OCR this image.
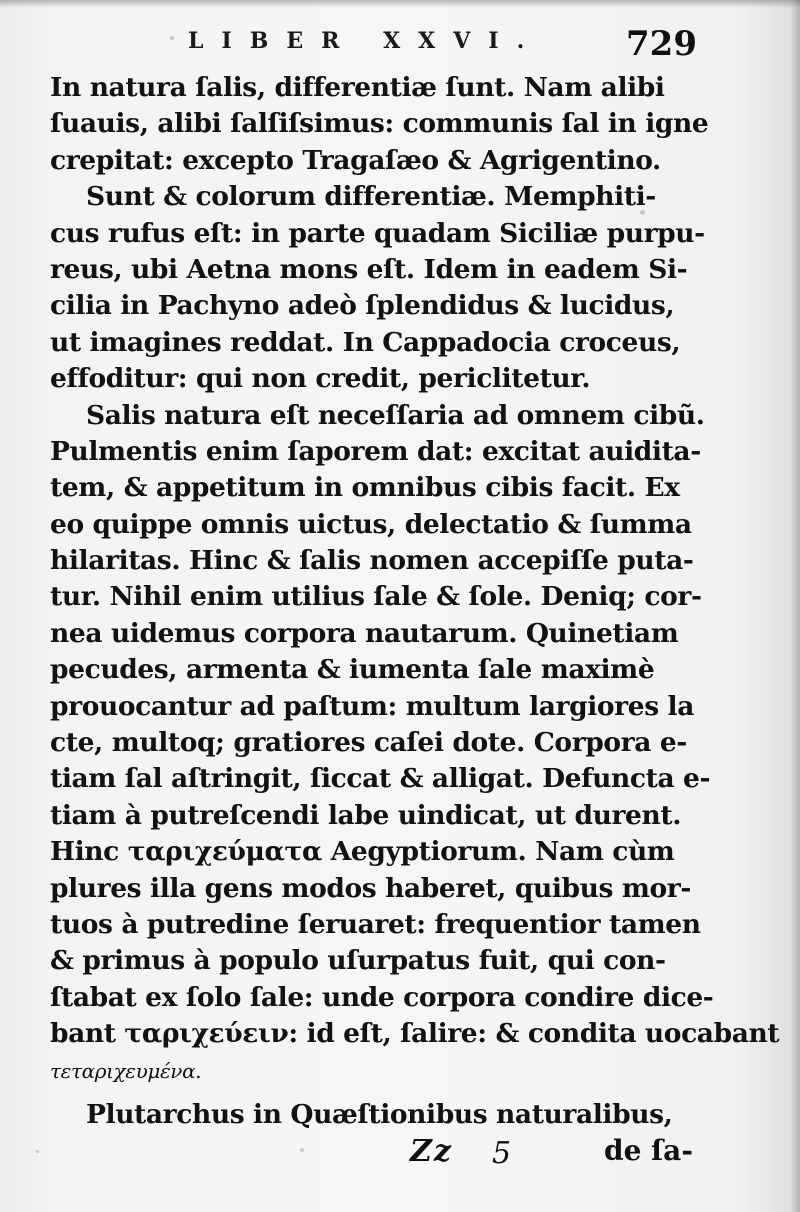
LIBER XXVI. 729
In natura ſalis, differentiæ ſunt. Nam alibi
ſuauis, alibi ſalſiſsimus: communis ſal in igne
crepitat: excepto Tragaſæo & Agrigentino.
Sunt & colorum differentiæ. Memphiti-
cus rufus eſt: in parte quadam Siciliæ purpu-
reus, ubi Aetna mons eſt. Idem in eadem Si-
cilia in Pachyno adeò ſplendidus & lucidus,
ut imagines reddat. In Cappadocia croceus,
effoditur: qui non credit, periclitetur.
Salis natura eſt neceſſaria ad omnem cibũ.
Pulmentis enim ſaporem dat: excitat auidita-
tem, & appetitum in omnibus cibis facit. Ex
eo quippe omnis uictus, delectatio & ſumma
hilaritas. Hinc & ſalis nomen accepiſſe puta-
tur. Nihil enim utilius ſale & ſole. Deniq; cor-
nea uidemus corpora nautarum. Quinetiam
pecudes, armenta & iumenta ſale maximè
prouocantur ad paſtum: multum largiores la
cte, multoq; gratiores caſei dote. Corpora e-
tiam ſal aſtringit, ſiccat & alligat. Defuncta e-
tiam à putreſcendi labe uindicat, ut durent.
Hinc ταριχεύματα Aegyptiorum. Nam cùm
plures illa gens modos haberet, quibus mor-
tuos à putredine ſeruaret: frequentior tamen
& primus à populo uſurpatus fuit, qui con-
ſtabat ex ſolo ſale: unde corpora condire dice-
bant ταριχεύειν: id eſt, ſalire: & condita uocabant
τεταριχευμένα.
Plutarchus in Quæſtionibus naturalibus,
Zz 5	de ſa-
